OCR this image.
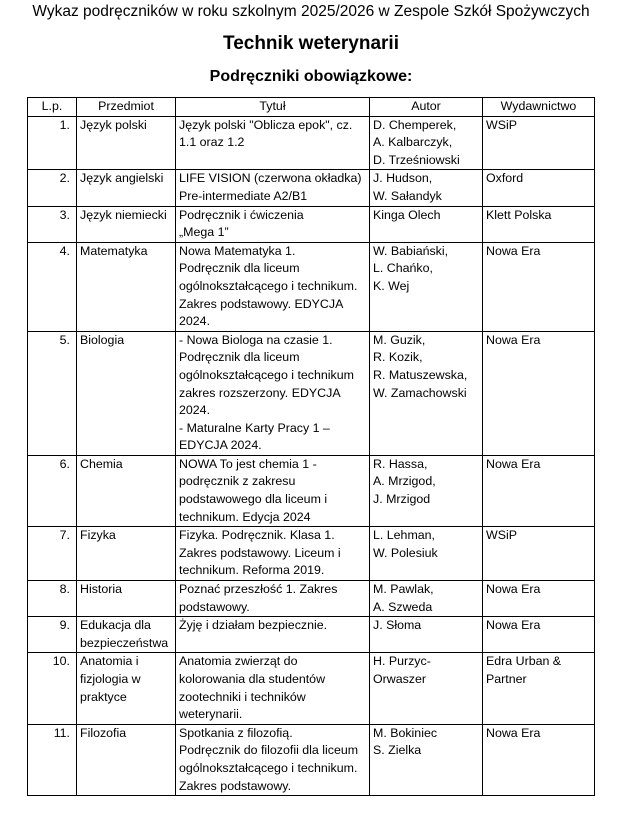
Wykaz podręczników w roku szkolnym 2025/2026 w Zespole Szkół Spożywczych
Technik weterynarii
Podręczniki obowiązkowe:
L.p.	Przedmiot	Tytuł	Autor	Wydawnictwo
1.	Język polski	Język polski "Oblicza epok", cz. 1.1 oraz 1.2	D. Chemperek,
A. Kalbarczyk,
D. Trześniowski	WSiP
2.	Język angielski	LIFE VISION (czerwona okładka)
Pre-intermediate A2/B1	J. Hudson,
W. Sałandyk	Oxford
3.	Język niemiecki	Podręcznik i ćwiczenia
„Mega 1”	Kinga Olech	Klett Polska
4.	Matematyka	Nowa Matematyka 1.
Podręcznik dla liceum ogólnokształcącego i technikum. Zakres podstawowy. EDYCJA 2024.	W. Babiański,
L. Chańko,
K. Wej	Nowa Era
5.	Biologia	- Nowa Biologa na czasie 1. Podręcznik dla liceum ogólnokształcącego i technikum zakres rozszerzony. EDYCJA 2024.
- Maturalne Karty Pracy 1 – EDYCJA 2024.	M. Guzik,
R. Kozik,
R. Matuszewska,
W. Zamachowski	Nowa Era
6.	Chemia	NOWA To jest chemia 1 - podręcznik z zakresu podstawowego dla liceum i technikum. Edycja 2024	R. Hassa,
A. Mrzigod,
J. Mrzigod	Nowa Era
7.	Fizyka	Fizyka. Podręcznik. Klasa 1. Zakres podstawowy. Liceum i technikum. Reforma 2019.	L. Lehman,
W. Polesiuk	WSiP
8.	Historia	Poznać przeszłość 1. Zakres podstawowy.	M. Pawlak,
A. Szweda	Nowa Era
9.	Edukacja dla bezpieczeństwa	Żyję i działam bezpiecznie.	J. Słoma	Nowa Era
10.	Anatomia i fizjologia w praktyce	Anatomia zwierząt do kolorowania dla studentów zootechniki i techników weterynarii.	H. Purzyc-
Orwaszer	Edra Urban &
Partner
11.	Filozofia	Spotkania z filozofią.
Podręcznik do filozofii dla liceum ogólnokształcącego i technikum. Zakres podstawowy.	M. Bokiniec
S. Zielka	Nowa Era
